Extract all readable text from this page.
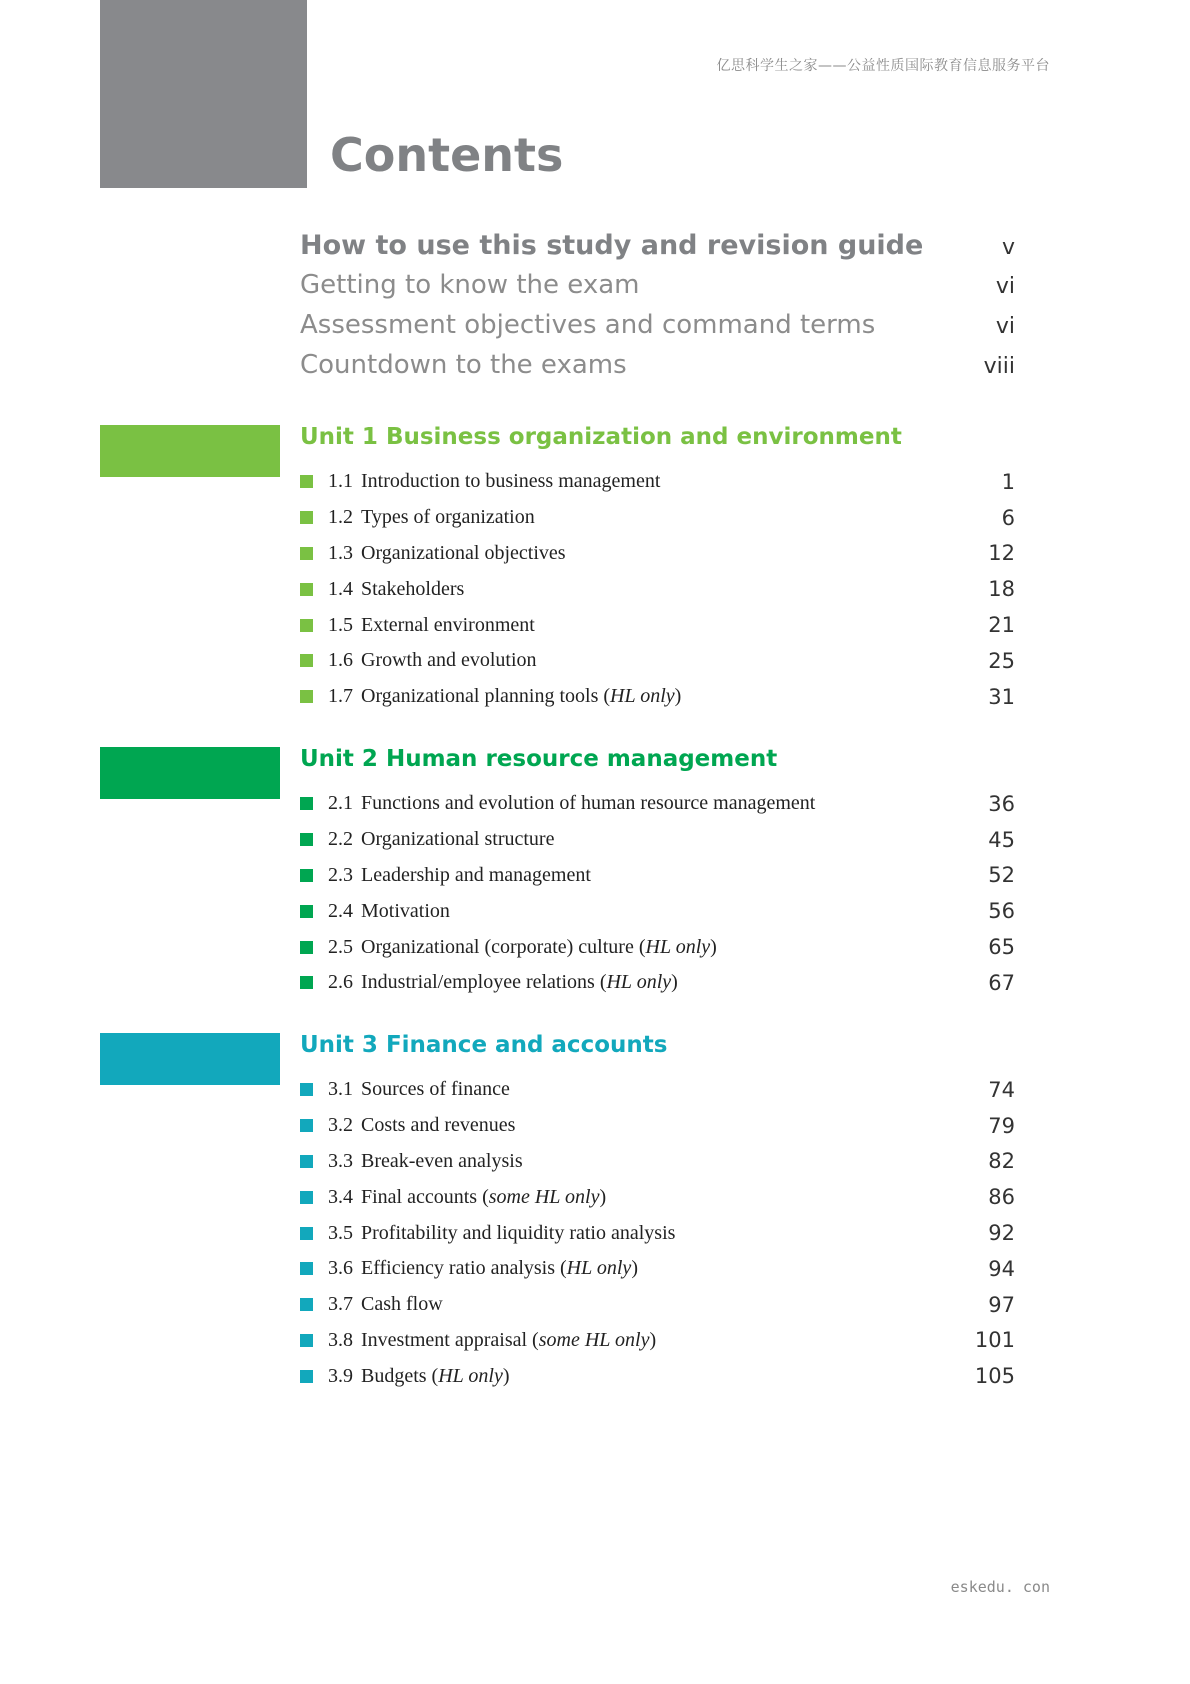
亿思科学生之家——公益性质国际教育信息服务平台
Contents
How to use this study and revision guide	v
Getting to know the exam	vi
Assessment objectives and command terms	vi
Countdown to the exams	viii
Unit 1 Business organization and environment
1.1 Introduction to business management	1
1.2 Types of organization	6
1.3 Organizational objectives	12
1.4 Stakeholders	18
1.5 External environment	21
1.6 Growth and evolution	25
1.7 Organizational planning tools (HL only)	31
Unit 2 Human resource management
2.1 Functions and evolution of human resource management	36
2.2 Organizational structure	45
2.3 Leadership and management	52
2.4 Motivation	56
2.5 Organizational (corporate) culture (HL only)	65
2.6 Industrial/employee relations (HL only)	67
Unit 3 Finance and accounts
3.1 Sources of finance	74
3.2 Costs and revenues	79
3.3 Break-even analysis	82
3.4 Final accounts (some HL only)	86
3.5 Profitability and liquidity ratio analysis	92
3.6 Efficiency ratio analysis (HL only)	94
3.7 Cash flow	97
3.8 Investment appraisal (some HL only)	101
3.9 Budgets (HL only)	105
eskedu. con
